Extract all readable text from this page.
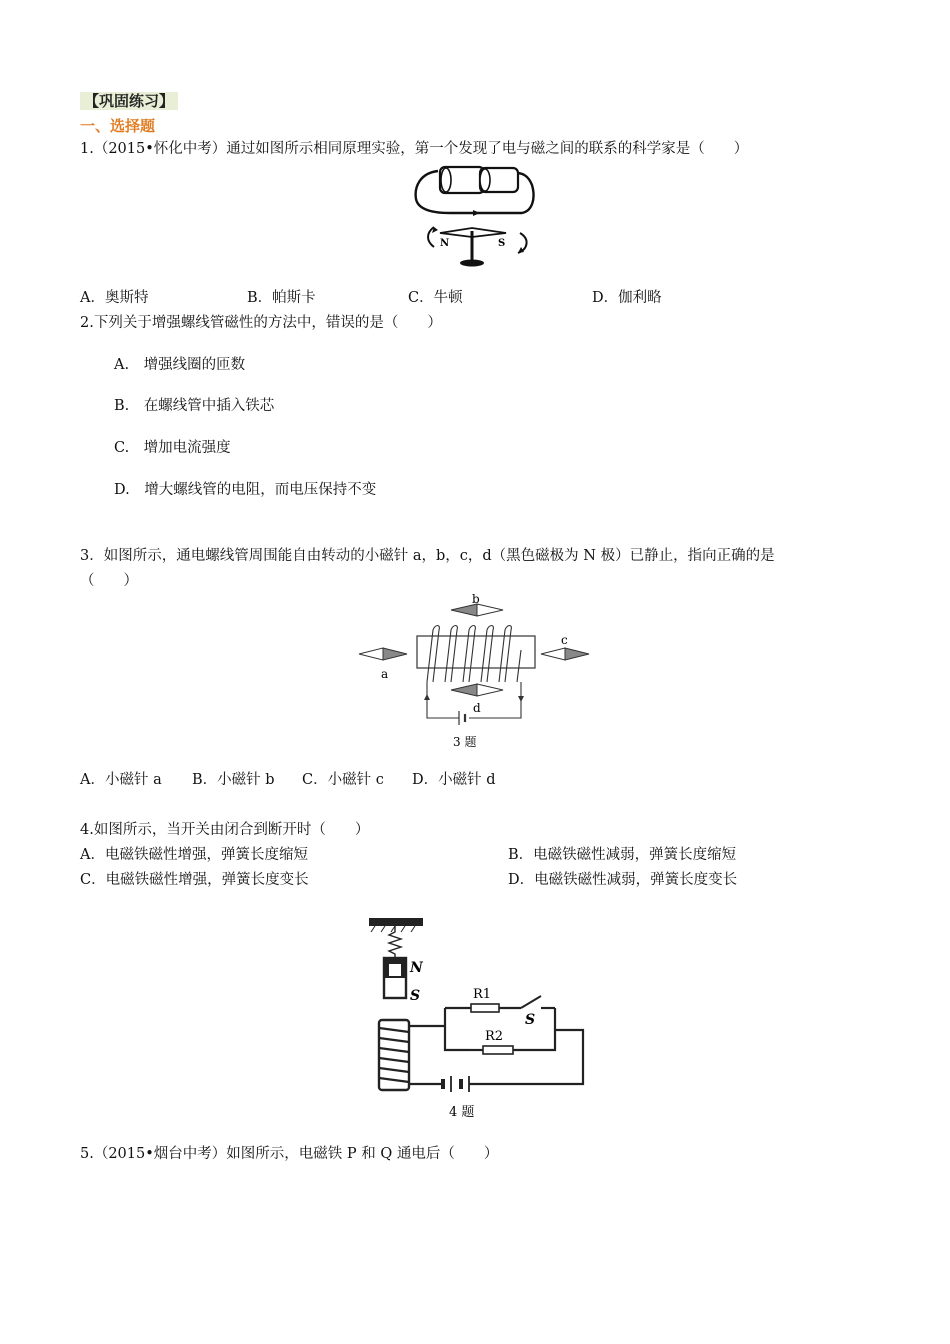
【巩固练习】
一、选择题
1.（2015•怀化中考）通过如图所示相同原理实验，第一个发现了电与磁之间的联系的科学家是（　　）
N	S
A．奥斯特	B．帕斯卡	C．牛顿	D．伽利略
2.下列关于增强螺线管磁性的方法中，错误的是（　　）
A.　增强线圈的匝数
B.　在螺线管中插入铁芯
C.　增加电流强度
D.　增大螺线管的电阻，而电压保持不变
3．如图所示，通电螺线管周围能自由转动的小磁针 a，b，c，d（黑色磁极为 N 极）已静止，指向正确的是
（　　）
b
a
c
d
3 题
A．小磁针 a B．小磁针 b C．小磁针 c D．小磁针 d
4.如图所示，当开关由闭合到断开时（　　）
A．电磁铁磁性增强，弹簧长度缩短	B．电磁铁磁性减弱，弹簧长度缩短
C．电磁铁磁性增强，弹簧长度变长	D．电磁铁磁性减弱，弹簧长度变长
N
S	R1
R2
S
4 题
5.（2015•烟台中考）如图所示，电磁铁 P 和 Q 通电后（　　）
